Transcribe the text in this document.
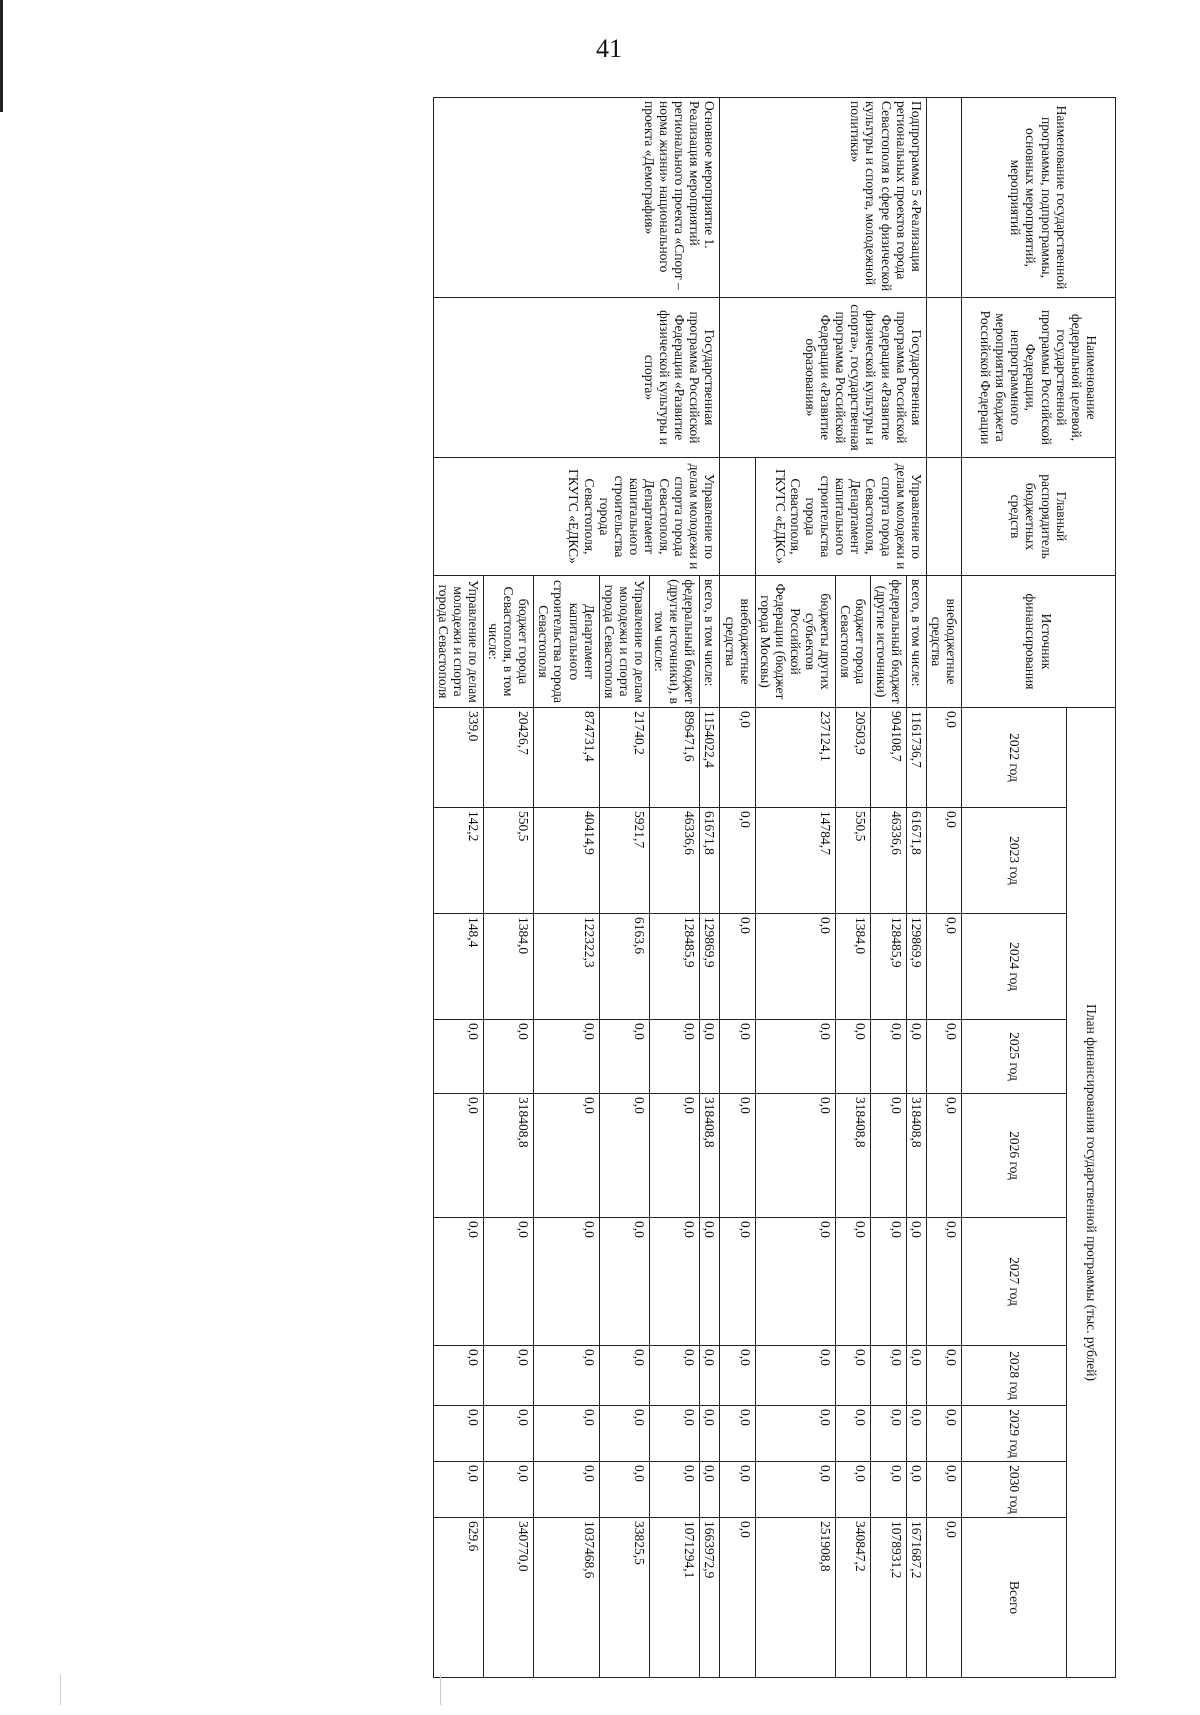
41
Наименование государственной программы, подпрограммы, основных мероприятий, мероприятий	Наименование федеральной целевой, государственной программы Российской Федерации, непрограммного мероприятия бюджета Российской Федерации	Главный распорядитель бюджетных средств	Источник финансирования	План финансирования государственной программы (тыс. рублей)									
				2022 год	2023 год	2024 год	2025 год	2026 год	2027 год	2028 год	2029 год	2030 год	Всего
			внебюджетные средства	0,0	0,0	0,0	0,0	0,0	0,0	0,0	0,0	0,0	0,0
Подпрограмма 5 «Реализация региональных проектов города Севастополя в сфере физической культуры и спорта, молодежной политики»	Государственная программа Российской Федерации «Развитие физической культуры и спорта», государственная программа Российской Федерации «Развитие образования»	Управление по делам молодежи и спорта города Севастополя, Департамент капитального строительства города Севастополя, ГКУГС «ЕДКС»	всего, в том числе:	1161736,7	61671,8	129869,9	0,0	318408,8	0,0	0,0	0,0	0,0	1671687,2
			федеральный бюджет (другие источники)	904108,7	46336,6	128485,9	0,0	0,0	0,0	0,0	0,0	0,0	1078931,2
			бюджет города Севастополя	20503,9	550,5	1384,0	0,0	318408,8	0,0	0,0	0,0	0,0	340847,2
			бюджеты других субъектов Российской Федерации (бюджет города Москвы)	237124,1	14784,7	0,0	0,0	0,0	0,0	0,0	0,0	0,0	251908,8
			внебюджетные средства	0,0	0,0	0,0	0,0	0,0	0,0	0,0	0,0	0,0	0,0
Основное мероприятие 1. Реализация мероприятий регионального проекта «Спорт – норма жизни» национального проекта «Демография»	Государственная программа Российской Федерации «Развитие физической культуры и спорта»	Управление по делам молодежи и спорта города Севастополя, Департамент капитального строительства города Севастополя, ГКУГС «ЕДКС»	всего, в том числе:	1154022,4	61671,8	129869,9	0,0	318408,8	0,0	0,0	0,0	0,0	1663972,9
			федеральный бюджет (другие источники), в том числе:	896471,6	46336,6	128485,9	0,0	0,0	0,0	0,0	0,0	0,0	1071294,1
			Управление по делам молодежи и спорта города Севастополя	21740,2	5921,7	6163,6	0,0	0,0	0,0	0,0	0,0	0,0	33825,5
			Департамент капитального строительства города Севастополя	874731,4	40414,9	122322,3	0,0	0,0	0,0	0,0	0,0	0,0	1037468,6
			бюджет города Севастополя, в том числе:	20426,7	550,5	1384,0	0,0	318408,8	0,0	0,0	0,0	0,0	340770,0
			Управление по делам молодежи и спорта города Севастополя	339,0	142,2	148,4	0,0	0,0	0,0	0,0	0,0	0,0	629,6
